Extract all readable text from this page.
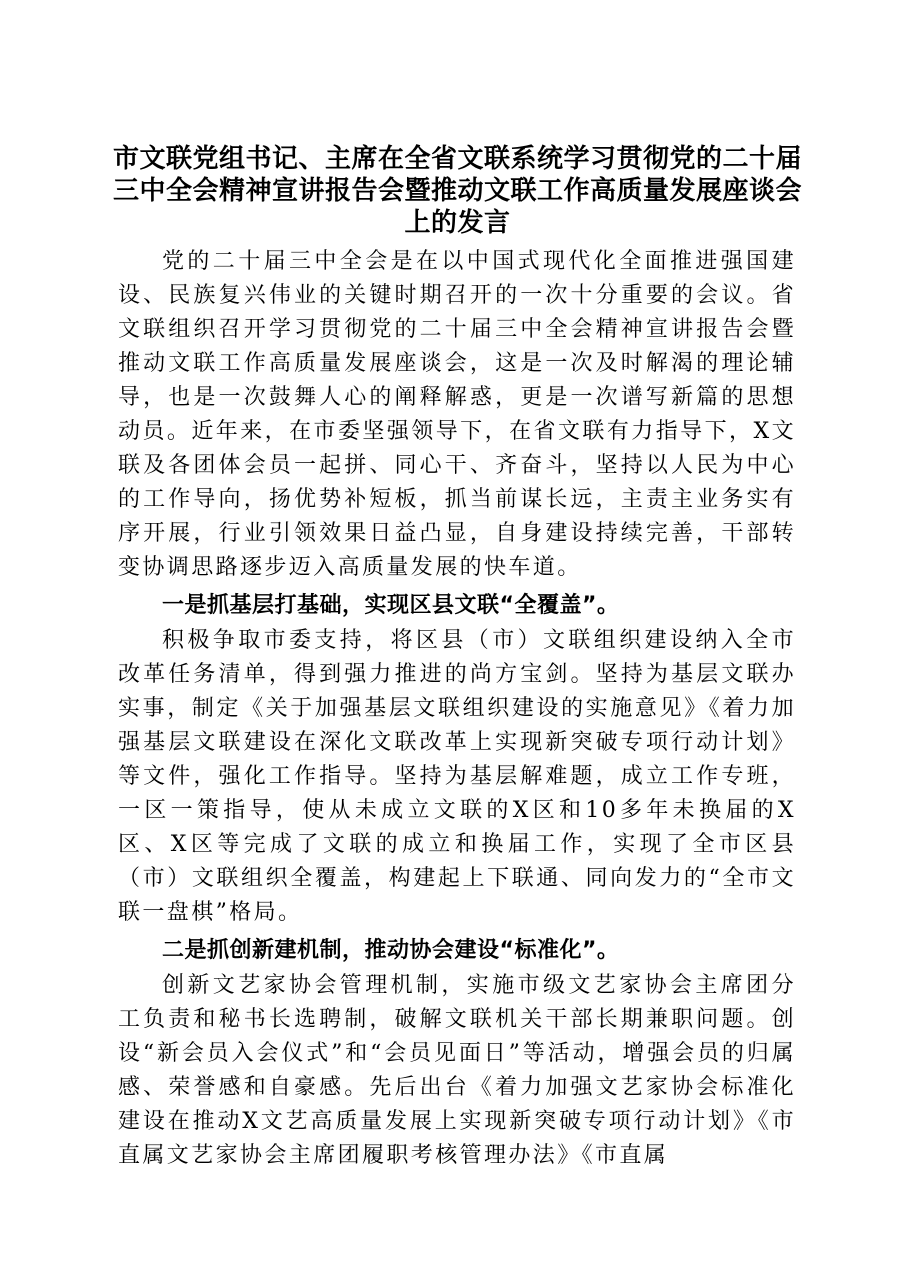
市文联党组书记、主席在全省文联系统学习贯彻党的二十届三中全会精神宣讲报告会暨推动文联工作高质量发展座谈会上的发言

党的二十届三中全会是在以中国式现代化全面推进强国建设、民族复兴伟业的关键时期召开的一次十分重要的会议。省文联组织召开学习贯彻党的二十届三中全会精神宣讲报告会暨推动文联工作高质量发展座谈会，这是一次及时解渴的理论辅导，也是一次鼓舞人心的阐释解惑，更是一次谱写新篇的思想动员。近年来，在市委坚强领导下，在省文联有力指导下，X文联及各团体会员一起拼、同心干、齐奋斗，坚持以人民为中心的工作导向，扬优势补短板，抓当前谋长远，主责主业务实有序开展，行业引领效果日益凸显，自身建设持续完善，干部转变协调思路逐步迈入高质量发展的快车道。

一是抓基层打基础，实现区县文联“全覆盖”。

积极争取市委支持，将区县（市）文联组织建设纳入全市改革任务清单，得到强力推进的尚方宝剑。坚持为基层文联办实事，制定《关于加强基层文联组织建设的实施意见》《着力加强基层文联建设在深化文联改革上实现新突破专项行动计划》等文件，强化工作指导。坚持为基层解难题，成立工作专班，一区一策指导，使从未成立文联的X区和10多年未换届的X区、X区等完成了文联的成立和换届工作，实现了全市区县（市）文联组织全覆盖，构建起上下联通、同向发力的“全市文联一盘棋”格局。

二是抓创新建机制，推动协会建设“标准化”。

创新文艺家协会管理机制，实施市级文艺家协会主席团分工负责和秘书长选聘制，破解文联机关干部长期兼职问题。创设“新会员入会仪式”和“会员见面日”等活动，增强会员的归属感、荣誉感和自豪感。先后出台《着力加强文艺家协会标准化建设在推动X文艺高质量发展上实现新突破专项行动计划》《市直属文艺家协会主席团履职考核管理办法》《市直属
